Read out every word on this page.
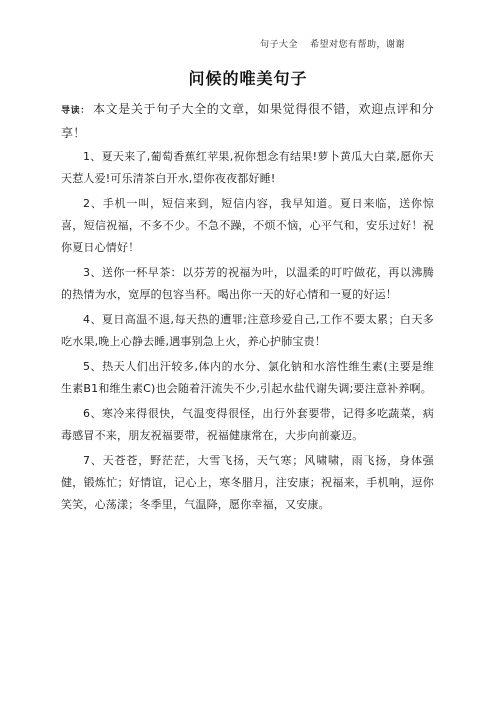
句子大全 希望对您有帮助，谢谢
问候的唯美句子

导读： 本文是关于句子大全的文章，如果觉得很不错，欢迎点评和分享！

1、夏天来了,葡萄香蕉红苹果,祝你想念有结果!萝卜黄瓜大白菜,愿你天天惹人爱!可乐清茶白开水,望你夜夜都好睡!

2、手机一叫，短信来到，短信内容，我早知道。夏日来临，送你惊喜，短信祝福，不多不少。不急不躁，不烦不恼，心平气和，安乐过好！祝你夏日心情好！

3、送你一杯早茶：以芬芳的祝福为叶，以温柔的叮咛做花，再以沸腾的热情为水，宽厚的包容当杯。喝出你一天的好心情和一夏的好运！

4、夏日高温不退,每天热的遭罪;注意珍爱自己,工作不要太累；白天多吃水果,晚上心静去睡,遇事别急上火，养心护肺宝贵！

5、热天人们出汗较多,体内的水分、氯化钠和水溶性维生素(主要是维生素B1和维生素C)也会随着汗流失不少,引起水盐代谢失调;要注意补养啊。

6、寒冷来得很快，气温变得很怪，出行外套要带，记得多吃蔬菜，病毒感冒不来，朋友祝福要带，祝福健康常在，大步向前豪迈。

7、天苍苍，野茫茫，大雪飞扬，天气寒；风啸啸，雨飞扬，身体强健，锻炼忙；好情谊，记心上，寒冬腊月，注安康；祝福来，手机响，逗你笑笑，心荡漾；冬季里，气温降，愿你幸福，又安康。
